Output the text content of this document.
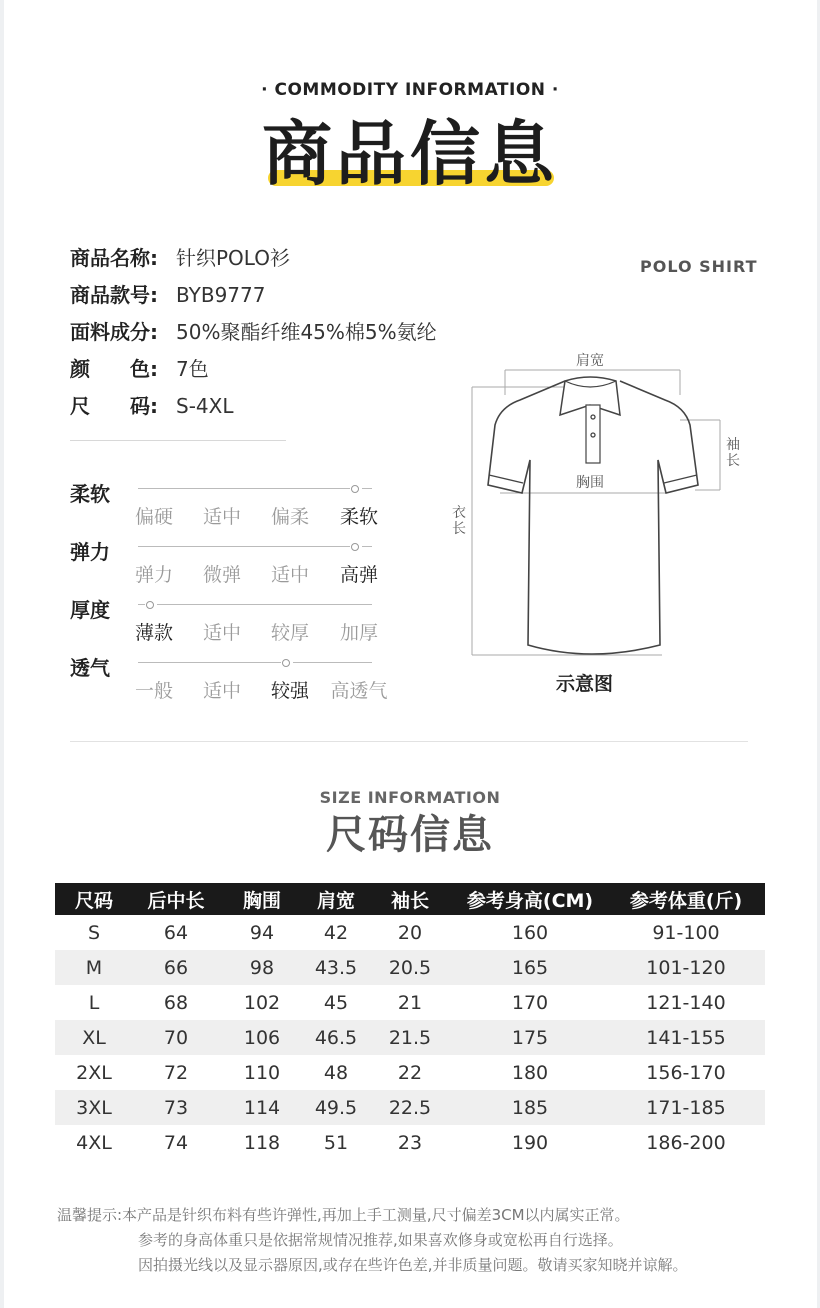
· COMMODITY INFORMATION ·
商品信息
商品名称: 针织POLO衫
商品款号: BYB9777
面料成分: 50%聚酯纤维45%棉5%氨纶
颜　　色: 7色
尺　　码: S-4XL
POLO SHIRT
柔软
偏硬	适中	偏柔	柔软
弹力
弹力	微弹	适中	高弹
厚度
薄款	适中	较厚	加厚
透气
一般	适中	较强	高透气
肩宽
袖长
胸围
衣长
示意图
SIZE INFORMATION
尺码信息
尺码	后中长	胸围	肩宽	袖长	参考身高(CM)	参考体重(斤)
S	64	94	42	20	160	91-100
M	66	98	43.5	20.5	165	101-120
L	68	102	45	21	170	121-140
XL	70	106	46.5	21.5	175	141-155
2XL	72	110	48	22	180	156-170
3XL	73	114	49.5	22.5	185	171-185
4XL	74	118	51	23	190	186-200
温馨提示:本产品是针织布料有些许弹性,再加上手工测量,尺寸偏差3CM以内属实正常。
参考的身高体重只是依据常规情况推荐,如果喜欢修身或宽松再自行选择。
因拍摄光线以及显示器原因,或存在些许色差,并非质量问题。敬请买家知晓并谅解。
